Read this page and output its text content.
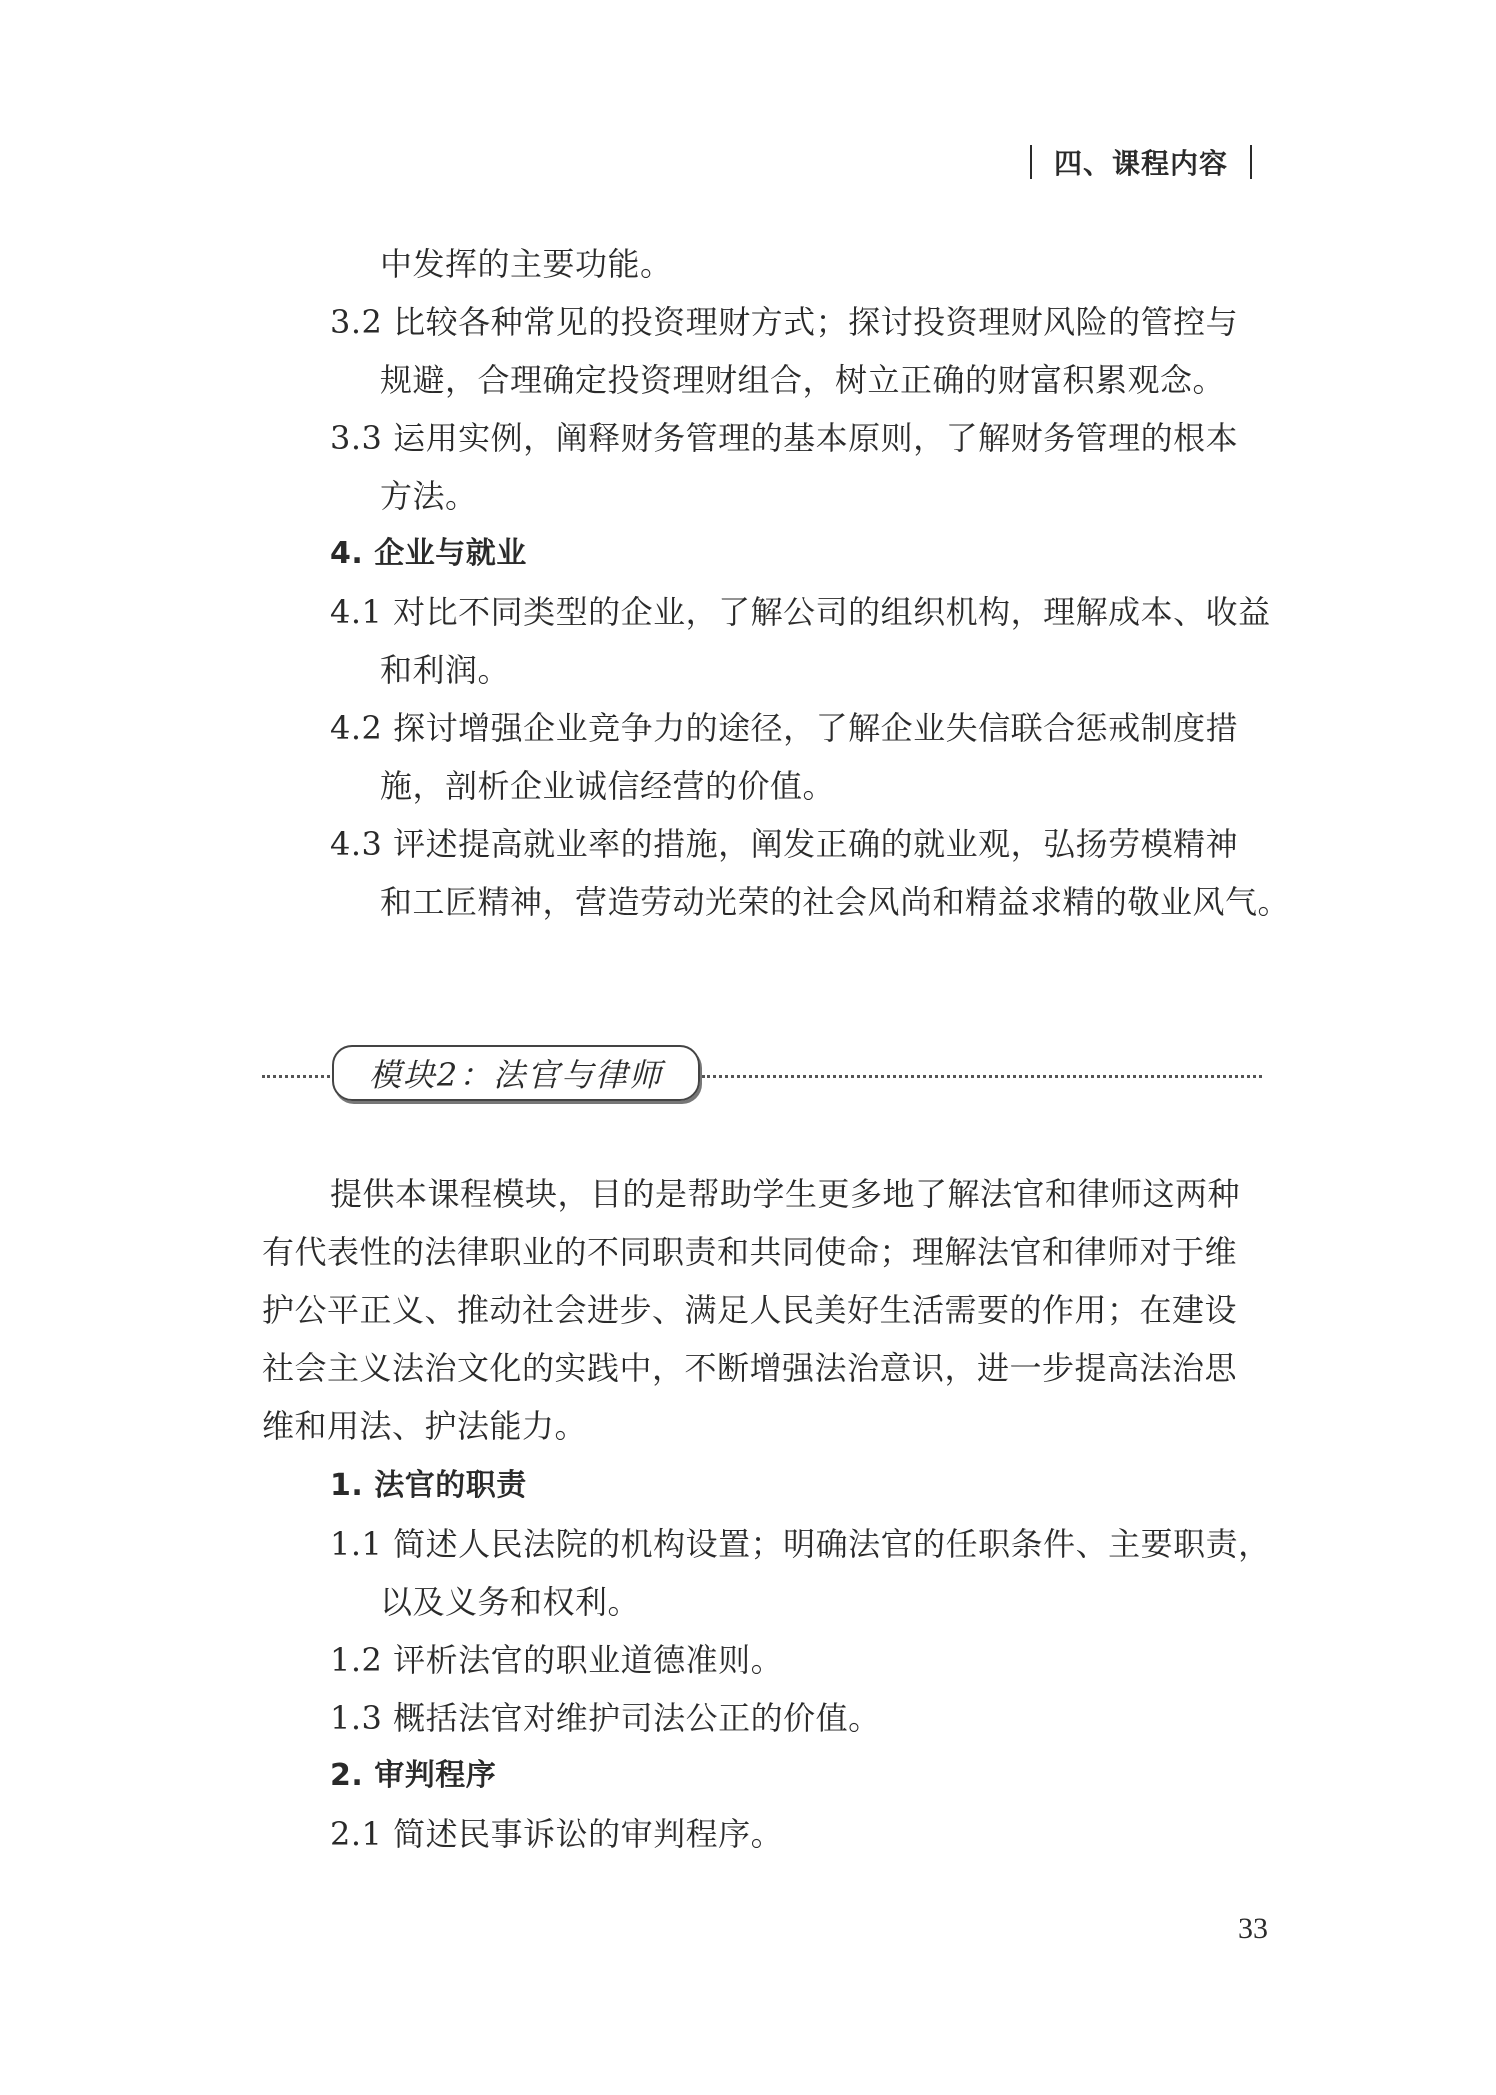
四、课程内容
中发挥的主要功能。
3.2 比较各种常见的投资理财方式；探讨投资理财风险的管控与
规避，合理确定投资理财组合，树立正确的财富积累观念。
3.3 运用实例，阐释财务管理的基本原则，了解财务管理的根本
方法。
4. 企业与就业
4.1 对比不同类型的企业，了解公司的组织机构，理解成本、收益
和利润。
4.2 探讨增强企业竞争力的途径，了解企业失信联合惩戒制度措
施，剖析企业诚信经营的价值。
4.3 评述提高就业率的措施，阐发正确的就业观，弘扬劳模精神
和工匠精神，营造劳动光荣的社会风尚和精益求精的敬业风气。
模块2：法官与律师
提供本课程模块，目的是帮助学生更多地了解法官和律师这两种
有代表性的法律职业的不同职责和共同使命；理解法官和律师对于维
护公平正义、推动社会进步、满足人民美好生活需要的作用；在建设
社会主义法治文化的实践中，不断增强法治意识，进一步提高法治思
维和用法、护法能力。
1. 法官的职责
1.1 简述人民法院的机构设置；明确法官的任职条件、主要职责，
以及义务和权利。
1.2 评析法官的职业道德准则。
1.3 概括法官对维护司法公正的价值。
2. 审判程序
2.1 简述民事诉讼的审判程序。
33
